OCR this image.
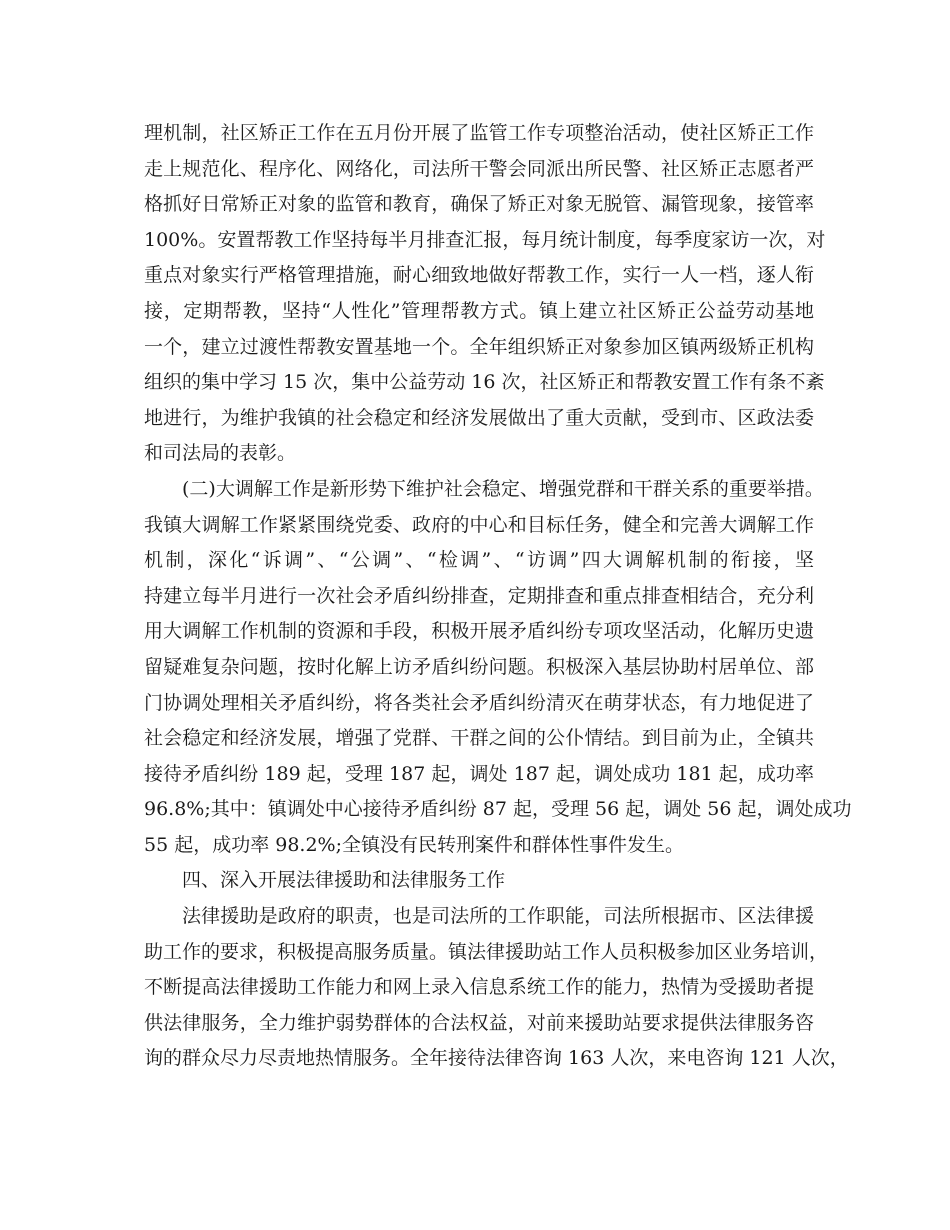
理机制，社区矫正工作在五月份开展了监管工作专项整治活动，使社区矫正工作
走上规范化、程序化、网络化，司法所干警会同派出所民警、社区矫正志愿者严
格抓好日常矫正对象的监管和教育，确保了矫正对象无脱管、漏管现象，接管率
100%。安置帮教工作坚持每半月排查汇报，每月统计制度，每季度家访一次，对
重点对象实行严格管理措施，耐心细致地做好帮教工作，实行一人一档，逐人衔
接，定期帮教，坚持“人性化”管理帮教方式。镇上建立社区矫正公益劳动基地
一个，建立过渡性帮教安置基地一个。全年组织矫正对象参加区镇两级矫正机构
组织的集中学习 15 次，集中公益劳动 16 次，社区矫正和帮教安置工作有条不紊
地进行，为维护我镇的社会稳定和经济发展做出了重大贡献，受到市、区政法委
和司法局的表彰。
(二)大调解工作是新形势下维护社会稳定、增强党群和干群关系的重要举措。
我镇大调解工作紧紧围绕党委、政府的中心和目标任务，健全和完善大调解工作
机制，深化“诉调”、“公调”、“检调”、“访调”四大调解机制的衔接，坚
持建立每半月进行一次社会矛盾纠纷排查，定期排查和重点排查相结合，充分利
用大调解工作机制的资源和手段，积极开展矛盾纠纷专项攻坚活动，化解历史遗
留疑难复杂问题，按时化解上访矛盾纠纷问题。积极深入基层协助村居单位、部
门协调处理相关矛盾纠纷，将各类社会矛盾纠纷清灭在萌芽状态，有力地促进了
社会稳定和经济发展，增强了党群、干群之间的公仆情结。到目前为止，全镇共
接待矛盾纠纷 189 起，受理 187 起，调处 187 起，调处成功 181 起，成功率
96.8%;其中：镇调处中心接待矛盾纠纷 87 起，受理 56 起，调处 56 起，调处成功
55 起，成功率 98.2%;全镇没有民转刑案件和群体性事件发生。
四、深入开展法律援助和法律服务工作
法律援助是政府的职责，也是司法所的工作职能，司法所根据市、区法律援
助工作的要求，积极提高服务质量。镇法律援助站工作人员积极参加区业务培训，
不断提高法律援助工作能力和网上录入信息系统工作的能力，热情为受援助者提
供法律服务，全力维护弱势群体的合法权益，对前来援助站要求提供法律服务咨
询的群众尽力尽责地热情服务。全年接待法律咨询 163 人次，来电咨询 121 人次，
